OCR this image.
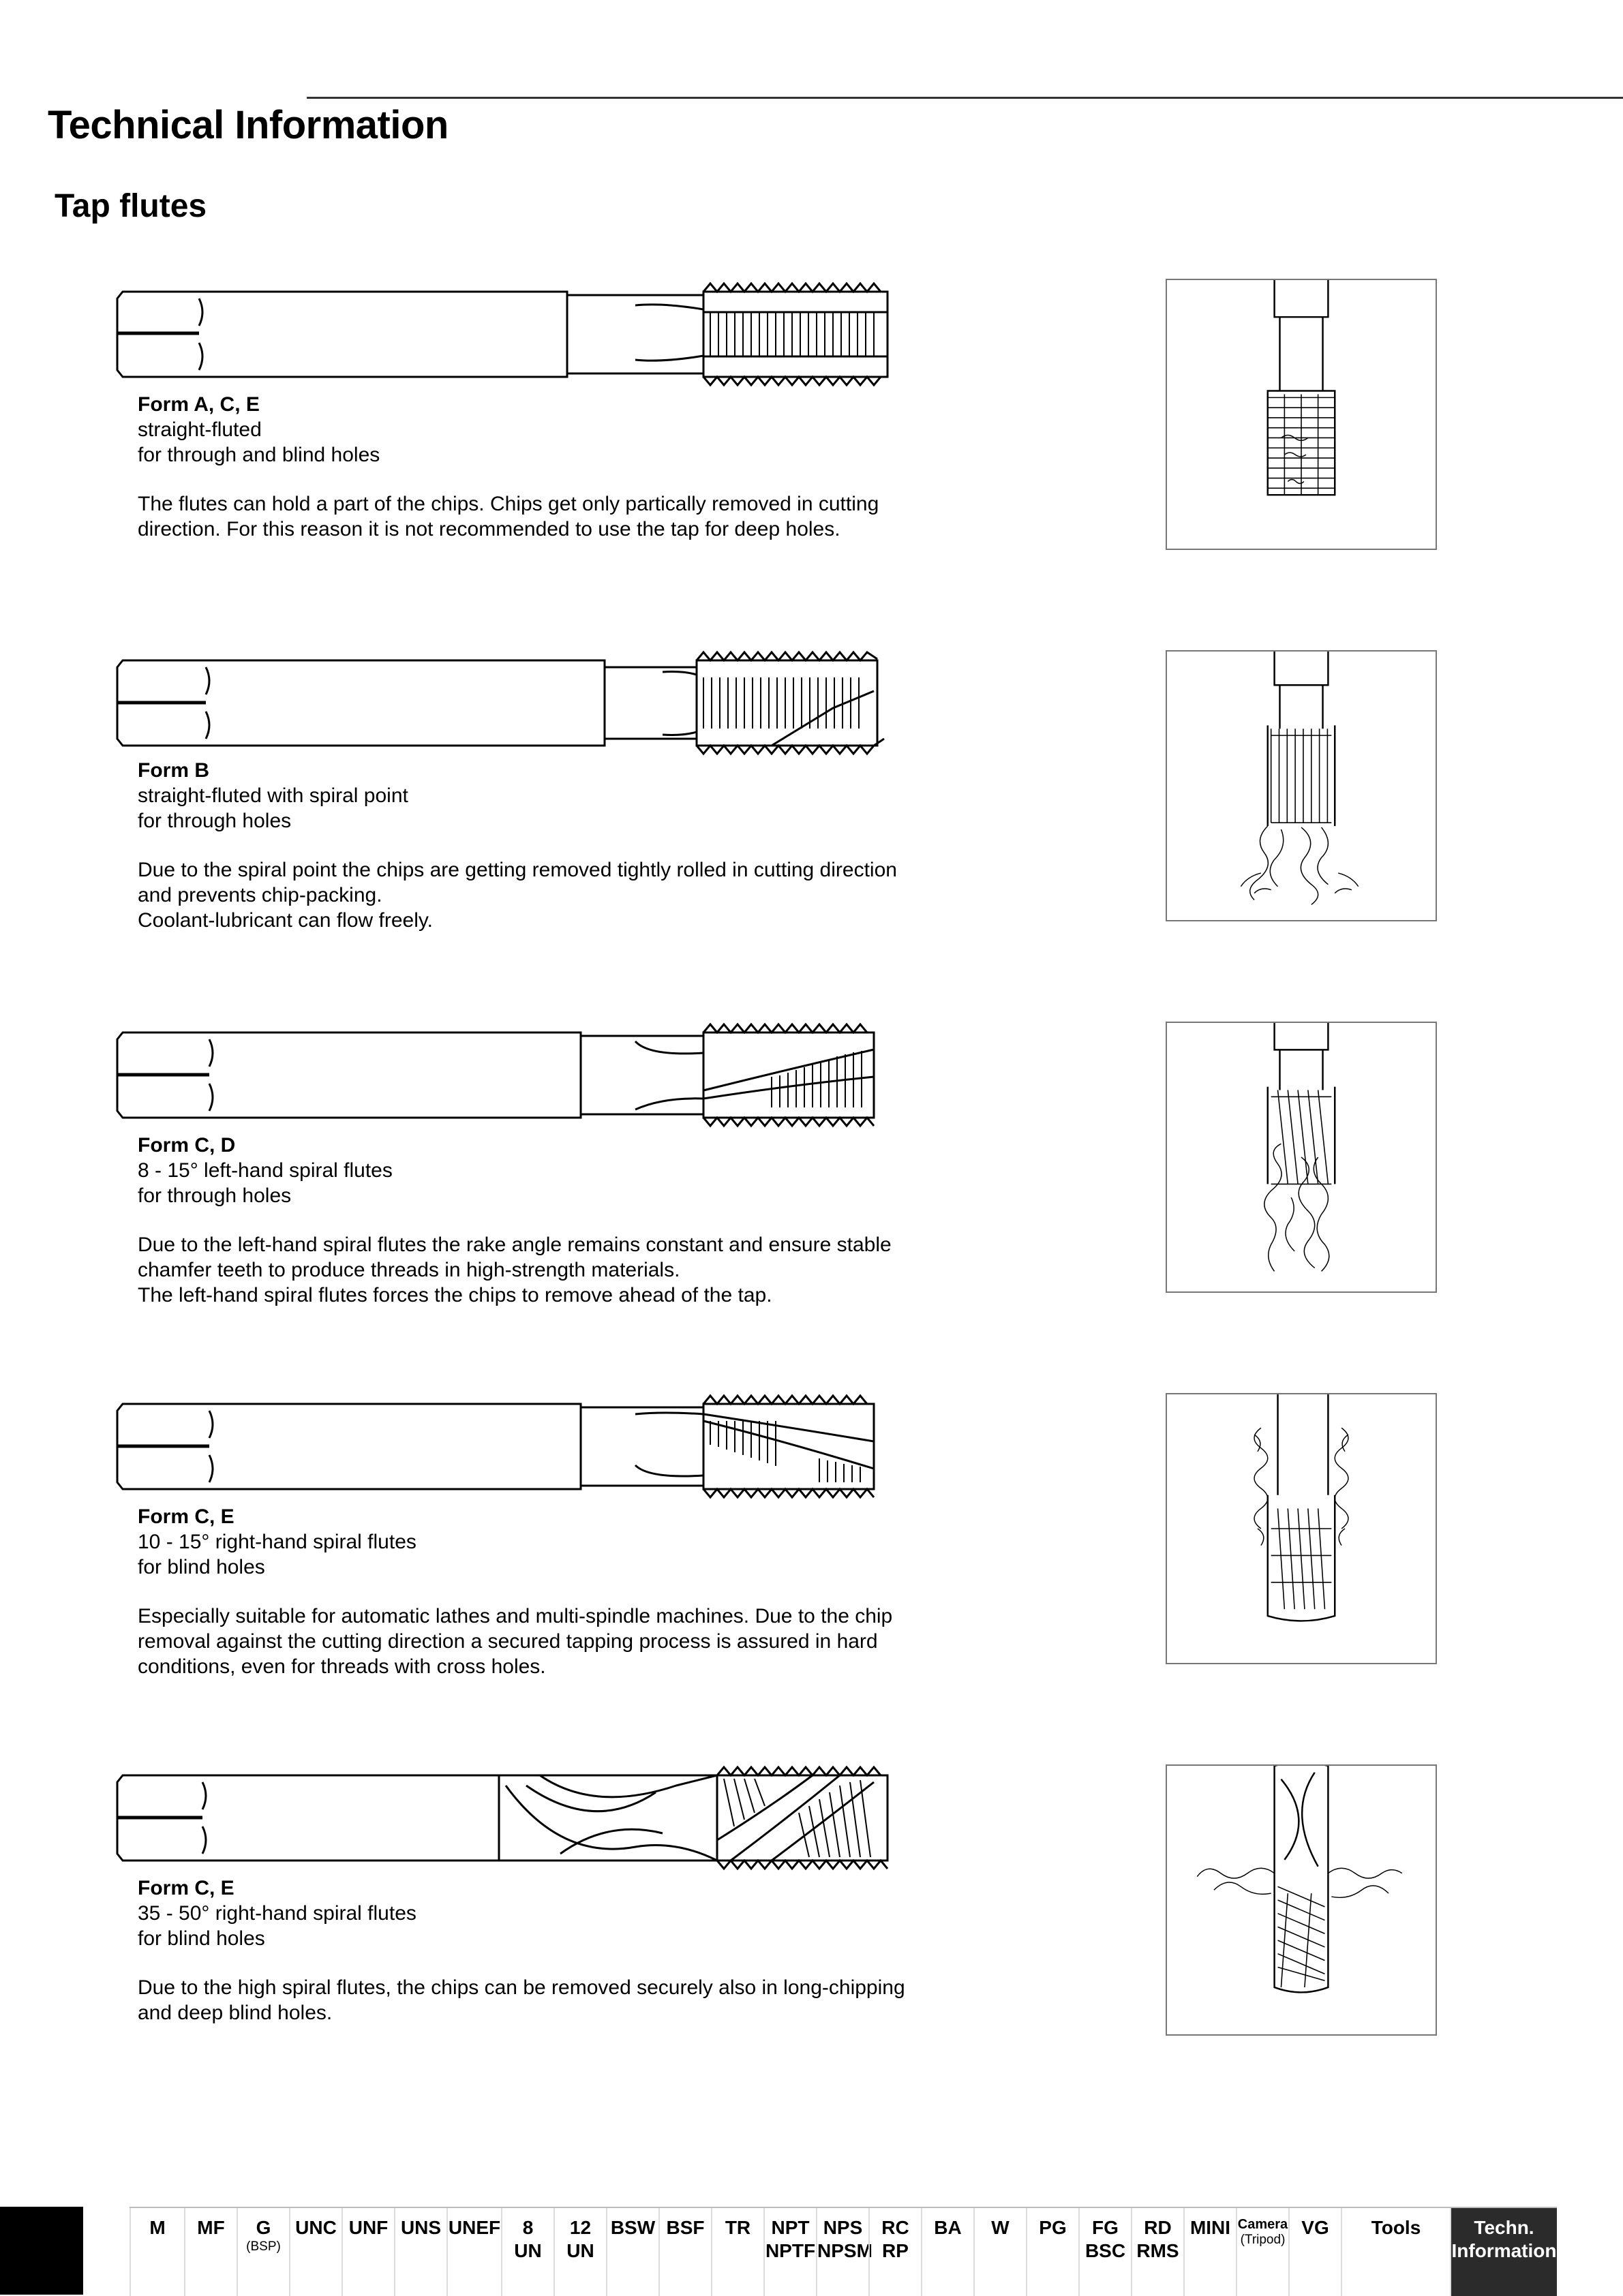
Technical Information
Tap flutes
Form A, C, E
straight-fluted
for through and blind holes
The flutes can hold a part of the chips. Chips get only partically removed in cutting
direction. For this reason it is not recommended to use the tap for deep holes.
Form B
straight-fluted with spiral point
for through holes
Due to the spiral point the chips are getting removed tightly rolled in cutting direction
and prevents chip-packing.
Coolant-lubricant can flow freely.
Form C, D
8 - 15° left-hand spiral flutes
for through holes
Due to the left-hand spiral flutes the rake angle remains constant and ensure stable
chamfer teeth to produce threads in high-strength materials.
The left-hand spiral flutes forces the chips to remove ahead of the tap.
Form C, E
10 - 15° right-hand spiral flutes
for blind holes
Especially suitable for automatic lathes and multi-spindle machines. Due to the chip
removal against the cutting direction a secured tapping process is assured in hard
conditions, even for threads with cross holes.
Form C, E
35 - 50° right-hand spiral flutes
for blind holes
Due to the high spiral flutes, the chips can be removed securely also in long-chipping
and deep blind holes.
M	MF	G
(BSP)
UNC UNF UNS UNEF	8
UN
12
UN
BSW BSF	TR	NPT
NPTF
NPS
NPSM
RC
RP
BA	W	PG	FG
BSC
RD
RMS
MINI Camera
(Tripod)
VG	Tools	Techn.
Information
